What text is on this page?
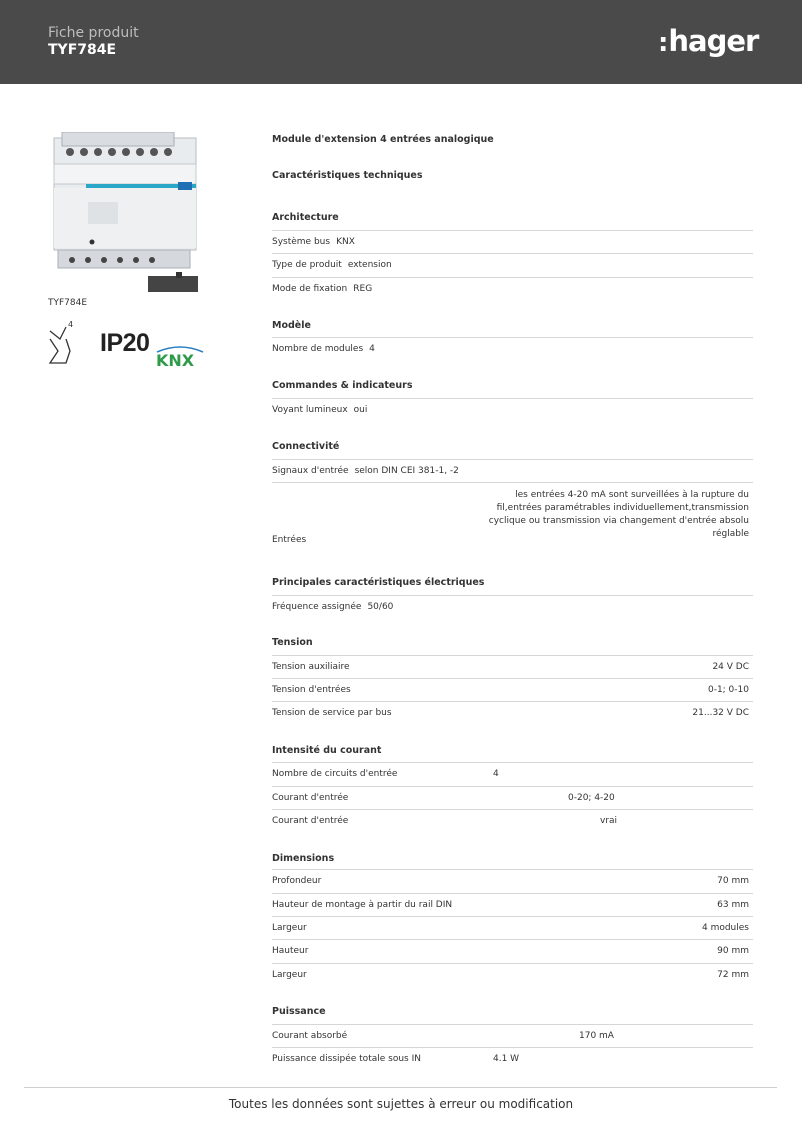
Fiche produit
TYF784E	:hager
TYF784E
4
IP20
KNX
Module d'extension 4 entrées analogique
Caractéristiques techniques
Architecture
Système bus KNX
Type de produit extension
Mode de fixation REG
Modèle
Nombre de modules 4
Commandes & indicateurs
Voyant lumineux oui
Connectivité
Signaux d'entrée selon DIN CEI 381-1, -2
Entrées
les entrées 4-20 mA sont surveillées à la rupture du fil,entrées paramétrables individuellement,transmission cyclique ou transmission via changement d'entrée absolu réglable
Principales caractéristiques électriques
Fréquence assignée 50/60
Tension
Tension auxiliaire	24 V DC
Tension d'entrées	0-1; 0-10
Tension de service par bus	21...32 V DC
Intensité du courant
Nombre de circuits d'entrée	4
Courant d'entrée	0-20; 4-20
Courant d'entrée	vrai
Dimensions
Profondeur	70 mm
Hauteur de montage à partir du rail DIN	63 mm
Largeur	4 modules
Hauteur	90 mm
Largeur	72 mm
Puissance
Courant absorbé	170 mA
Puissance dissipée totale sous IN	4.1 W
Toutes les données sont sujettes à erreur ou modification
